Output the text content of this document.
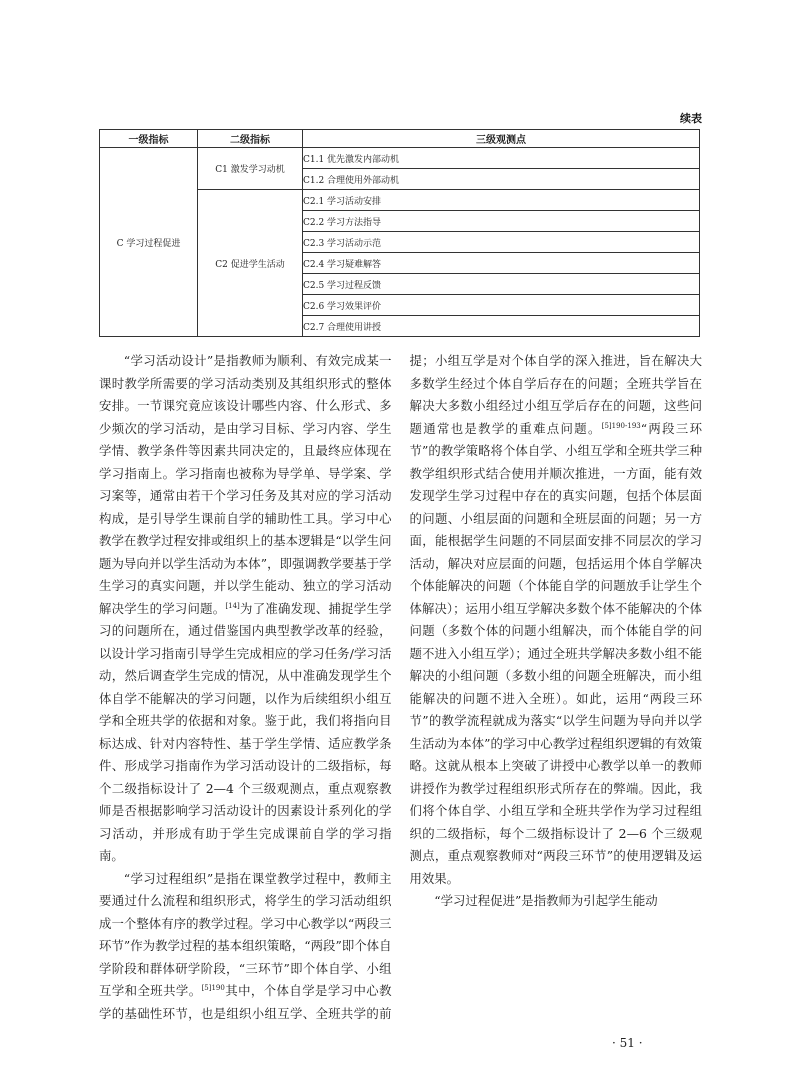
续表
一级指标	二级指标	三级观测点
C 学习过程促进	C1 激发学习动机	C1.1 优先激发内部动机
		C1.2 合理使用外部动机
	C2 促进学生活动	C2.1 学习活动安排
		C2.2 学习方法指导
		C2.3 学习活动示范
		C2.4 学习疑难解答
		C2.5 学习过程反馈
		C2.6 学习效果评价
		C2.7 合理使用讲授

“学习活动设计”是指教师为顺利、有效完成某一课时教学所需要的学习活动类别及其组织形式的整体安排。一节课究竟应该设计哪些内容、什么形式、多少频次的学习活动，是由学习目标、学习内容、学生学情、教学条件等因素共同决定的，且最终应体现在学习指南上。学习指南也被称为导学单、导学案、学习案等，通常由若干个学习任务及其对应的学习活动构成，是引导学生课前自学的辅助性工具。学习中心教学在教学过程安排或组织上的基本逻辑是“以学生问题为导向并以学生活动为本体”，即强调教学要基于学生学习的真实问题，并以学生能动、独立的学习活动解决学生的学习问题。[14]为了准确发现、捕捉学生学习的问题所在，通过借鉴国内典型教学改革的经验，以设计学习指南引导学生完成相应的学习任务/学习活动，然后调查学生完成的情况，从中准确发现学生个体自学不能解决的学习问题，以作为后续组织小组互学和全班共学的依据和对象。鉴于此，我们将指向目标达成、针对内容特性、基于学生学情、适应教学条件、形成学习指南作为学习活动设计的二级指标，每个二级指标设计了 2—4 个三级观测点，重点观察教师是否根据影响学习活动设计的因素设计系列化的学习活动，并形成有助于学生完成课前自学的学习指南。

“学习过程组织”是指在课堂教学过程中，教师主要通过什么流程和组织形式，将学生的学习活动组织成一个整体有序的教学过程。学习中心教学以“两段三环节”作为教学过程的基本组织策略，“两段”即个体自学阶段和群体研学阶段，“三环节”即个体自学、小组互学和全班共学。$^{[5]190}$其中，个体自学是学习中心教学的基础性环节，也是组织小组互学、全班共学的前提；小组互学是对个体自学的深入推进，旨在解决大多数学生经过个体自学后存在的问题；全班共学旨在解决大多数小组经过小组互学后存在的问题，这些问题通常也是教学的重难点问题。$^{[5]190-193}$“两段三环节”的教学策略将个体自学、小组互学和全班共学三种教学组织形式结合使用并顺次推进，一方面，能有效发现学生学习过程中存在的真实问题，包括个体层面的问题、小组层面的问题和全班层面的问题；另一方面，能根据学生问题的不同层面安排不同层次的学习活动，解决对应层面的问题，包括运用个体自学解决个体能解决的问题（个体能自学的问题放手让学生个体解决）；运用小组互学解决多数个体不能解决的个体问题（多数个体的问题小组解决，而个体能自学的问题不进入小组互学）；通过全班共学解决多数小组不能解决的小组问题（多数小组的问题全班解决，而小组能解决的问题不进入全班）。如此，运用“两段三环节”的教学流程就成为落实“以学生问题为导向并以学生活动为本体”的学习中心教学过程组织逻辑的有效策略。这就从根本上突破了讲授中心教学以单一的教师讲授作为教学过程组织形式所存在的弊端。因此，我们将个体自学、小组互学和全班共学作为学习过程组织的二级指标，每个二级指标设计了 2—6 个三级观测点，重点观察教师对“两段三环节”的使用逻辑及运用效果。

“学习过程促进”是指教师为引起学生能动

· 51 ·
